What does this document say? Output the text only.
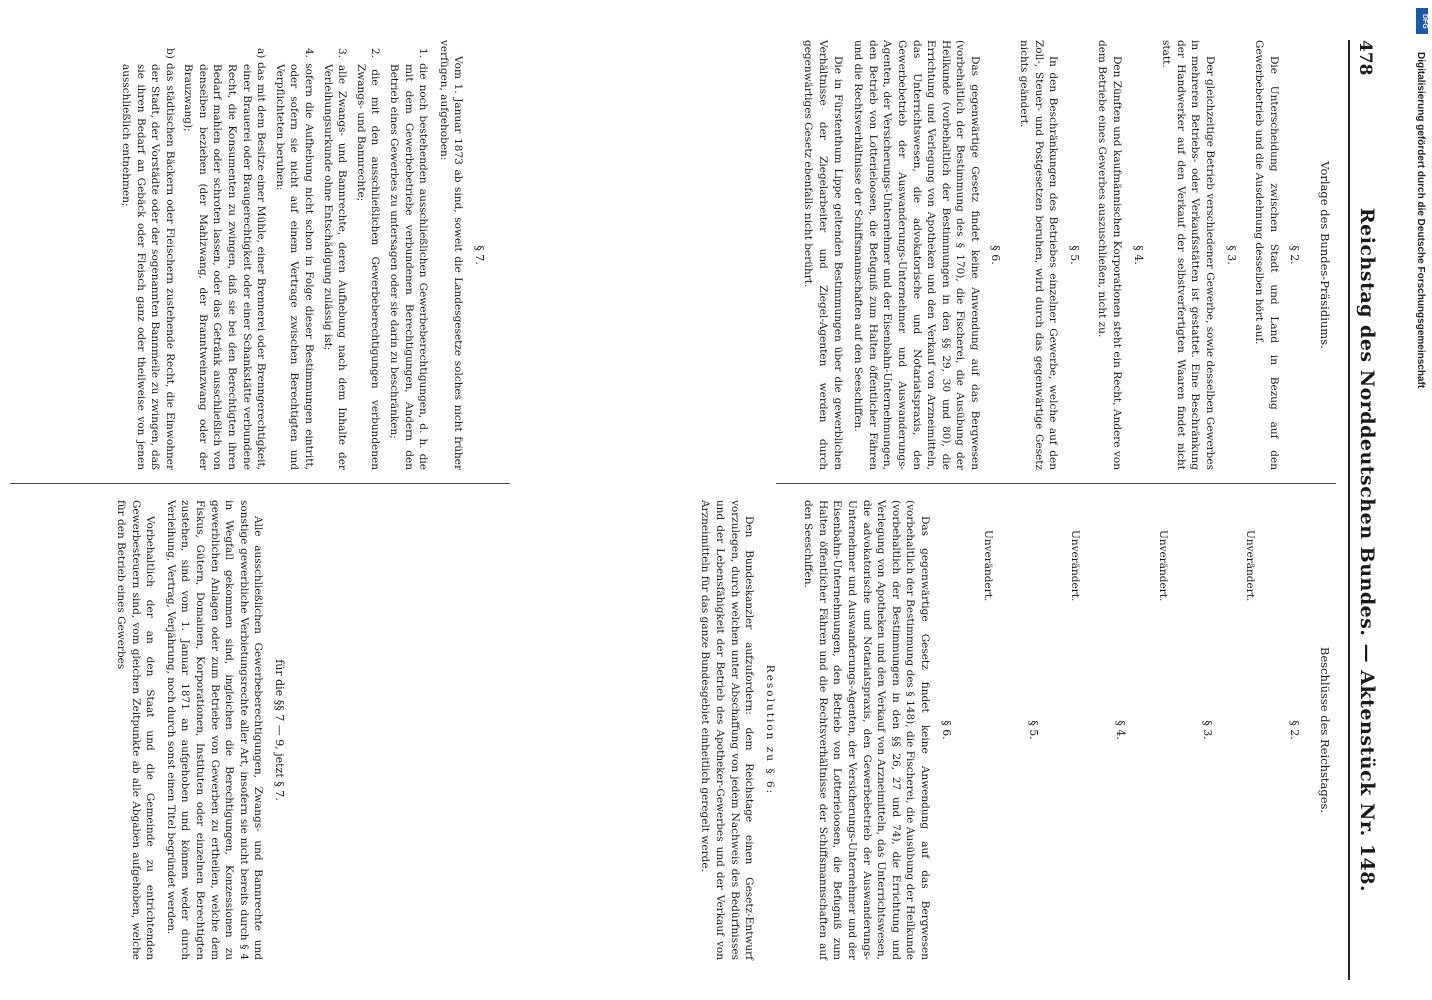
478
Reichstag des Norddeutschen Bundes. — Aktenstück Nr. 148.
Vorlage des Bundes-Präsidiums.
§ 2.

Die Unterscheidung zwischen Stadt und Land in Bezug auf den Gewerbebetrieb und die Ausdehnung desselben hört auf.

§ 3.

Der gleichzeitige Betrieb verschiedener Gewerbe, sowie desselben Gewerbes in mehreren Betriebs- oder Verkaufsstätten ist gestattet. Eine Beschränkung der Handwerker auf den Verkauf der selbstverfertigten Waaren findet nicht statt.

§ 4.

Den Zünften und kaufmännischen Korporationen steht ein Recht, Andere von dem Betriebe eines Gewerbes auszuschließen, nicht zu.

§ 5.

In den Beschränkungen des Betriebes einzelner Gewerbe, welche auf den Zoll-, Steuer- und Postgesetzen beruhen, wird durch das gegenwärtige Gesetz nichts geändert.

§ 6.

Das gegenwärtige Gesetz findet keine Anwendung auf das Bergwesen (vorbehaltlich der Bestimmung des § 170), die Fischerei, die Ausübung der Heilkunde (vorbehaltlich der Bestimmungen in den §§ 29, 30 und 80), die Errichtung und Verlegung von Apotheken und den Verkauf von Arzneimitteln, das Unterrichtswesen, die advokatorische und Notariatspraxis, den Gewerbebetrieb der Auswanderungs-Unternehmer und Auswanderungs-Agenten, der Versicherungs-Unternehmer und der Eisenbahn-Unternehmungen, den Betrieb von Lotterieloosen, die Befugniß zum Halten öffentlicher Fähren und die Rechtsverhältnisse der Schiffsmannschaften auf den Seeschiffen.

Die in Fürstenthum Lippe geltenden Bestimmungen über die gewerblichen Verhältnisse der Ziegelarbeiter und Ziegel-Agenten werden durch gegenwärtiges Gesetz ebenfalls nicht berührt.

Beschlüsse des Reichstages.
§ 2.

Unverändert.

§ 3.

Unverändert.

§ 4.

Unverändert.

§ 5.

Unverändert.

§ 6.

Das gegenwärtige Gesetz findet keine Anwendung auf das Bergwesen (vorbehaltlich der Bestimmung des § 148), die Fischerei, die Ausübung der Heilkunde (vorbehaltlich der Bestimmungen in den §§ 26, 27 und 74), die Errichtung und Verlegung von Apotheken und den Verkauf von Arzneimitteln, das Unterrichtswesen, die advokatorische und Notariatspraxis, den Gewerbebetrieb der Auswanderungs-Unternehmer und Auswanderungs-Agenten, der Versicherungs-Unternehmer und der Eisenbahn-Unternehmungen, den Betrieb von Lotterieloosen, die Befugniß zum Halten öffentlicher Fähren und die Rechtsverhältnisse der Schiffsmannschaften auf den Seeschiffen.

Resolution zu § 6:

Den Bundeskanzler aufzufordern: dem Reichstage einen Gesetz-Entwurf vorzulegen, durch welchen unter Abschaffung von jedem Nachweis des Bedürfnisses und der Lebensfähigkeit der Betrieb des Apotheker-Gewerbes und der Verkauf von Arzneimitteln für das ganze Bundesgebiet einheitlich geregelt werde.

§ 7.

Vom 1. Januar 1873 ab sind, soweit die Landesgesetze solches nicht früher verfügen, aufgehoben:

1. die noch bestehenden ausschließlichen Gewerbeberechtigungen, d. h. die mit dem Gewerbebetriebe verbundenen Berechtigungen, Andern den Betrieb eines Gewerbes zu untersagen oder sie darin zu beschränken;

2. die mit den ausschließlichen Gewerbeberechtigungen verbundenen Zwangs- und Bannrechte;

3. alle Zwangs- und Bannrechte, deren Aufhebung nach dem Inhalte der Verleihungsurkunde ohne Entschädigung zulässig ist;

4. sofern die Aufhebung nicht schon in Folge dieser Bestimmungen eintritt, oder sofern sie nicht auf einem Vertrage zwischen Berechtigten und Verpflichteten beruhen:

a) das mit dem Besitze einer Mühle, einer Brennerei oder Brenngerechtigkeit, einer Brauerei oder Braugerechtigkeit oder einer Schankstätte verbundene Recht, die Konsumenten zu zwingen, daß sie bei den Berechtigten ihren Bedarf mahlen oder schroten lassen, oder das Getränk ausschließlich von denselben beziehen (der Mahlzwang, der Branntweinzwang oder der Brauzwang);

b) das städtischen Bäckern oder Fleischern zustehende Recht, die Einwohner der Stadt, der Vorstädte oder der sogenannten Bannmeile zu zwingen, daß sie ihren Bedarf an Gebäck oder Fleisch ganz oder theilweise von jenen ausschließlich entnehmen;

für die §§ 7 — 9, jetzt § 7.

Alle ausschließlichen Gewerbeberechtigungen, Zwangs- und Bannrechte und sonstige gewerbliche Verbietungsrechte aller Art, insofern sie nicht bereits durch § 4 in Wegfall gekommen sind, ingleichen die Berechtigungen, Konzessionen zu gewerblichen Anlagen oder zum Betriebe von Gewerben zu ertheilen, welche dem Fiskus, Gütern, Domainen, Korporationen, Instituten oder einzelnen Berechtigten zustehen, sind vom 1. Januar 1871 an aufgehoben und können weder durch Verleihung, Vertrag, Verjährung, noch durch sonst einen Titel begründet werden.

Vorbehaltlich der an den Staat und die Gemeinde zu entrichtenden Gewerbesteuern sind, vom gleichen Zeitpunkte ab alle Abgaben aufgehoben, welche für den Betrieb eines Gewerbes

DFG
Digitalisierung gefördert durch die Deutsche Forschungsgemeinschaft
